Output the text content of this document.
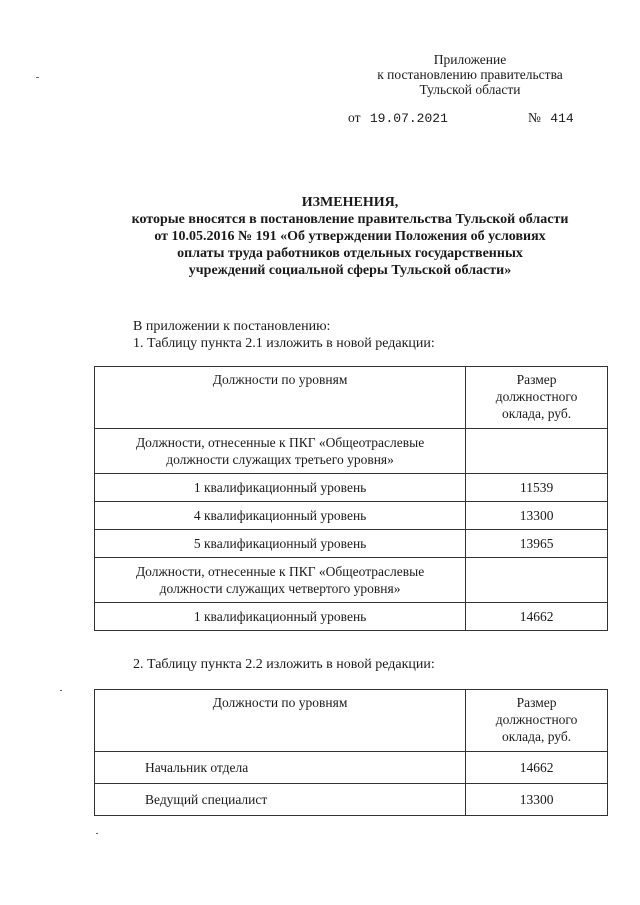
Приложение
к постановлению правительства
Тульской области
от 19.07.2021	№ 414
ИЗМЕНЕНИЯ,
которые вносятся в постановление правительства Тульской области
от 10.05.2016 № 191 «Об утверждении Положения об условиях
оплаты труда работников отдельных государственных
учреждений социальной сферы Тульской области»
В приложении к постановлению:
1. Таблицу пункта 2.1 изложить в новой редакции:
Должности по уровням	Размер
должностного
оклада, руб.

Должности, отнесенные к ПКГ «Общеотраслевые
должности служащих третьего уровня»	

1 квалификационный уровень	11539
4 квалификационный уровень	13300
5 квалификационный уровень	13965

Должности, отнесенные к ПКГ «Общеотраслевые
должности служащих четвертого уровня»	

1 квалификационный уровень	14662
2. Таблицу пункта 2.2 изложить в новой редакции:
Должности по уровням	Размер
должностного
оклада, руб.

Начальник отдела	14662
Ведущий специалист	13300
